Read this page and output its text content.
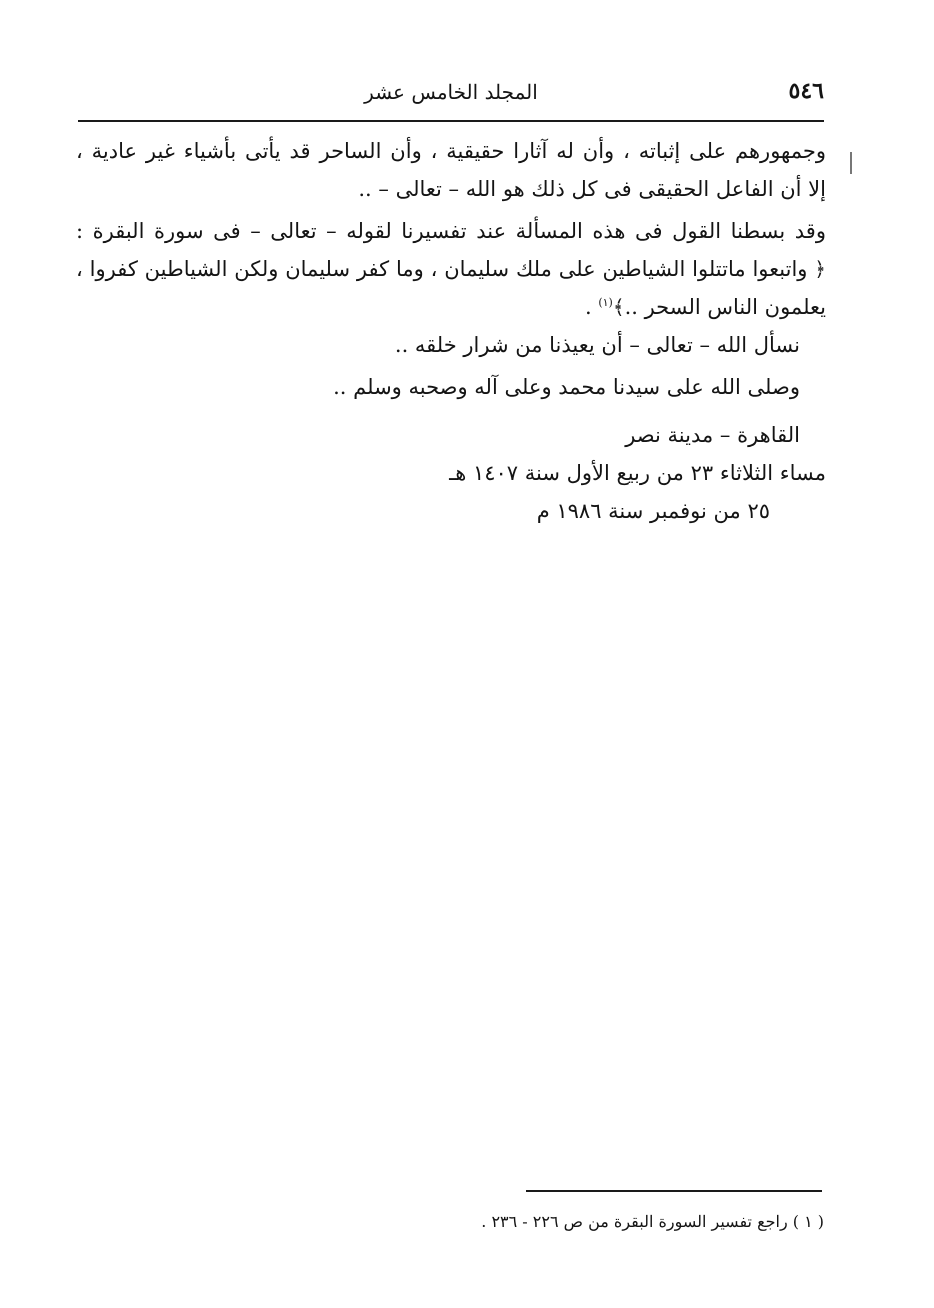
٥٤٦
المجلد الخامس عشر
وجمهورهم على إثباته ، وأن له آثارا حقيقية ، وأن الساحر قد يأتى بأشياء غير عادية ،
إلا أن الفاعل الحقيقى فى كل ذلك هو الله – تعالى – ..
وقد بسطنا القول فى هذه المسألة عند تفسيرنا لقوله – تعالى – فى سورة البقرة :
﴿ واتبعوا ماتتلوا الشياطين على ملك سليمان ، وما كفر سليمان ولكن الشياطين كفروا ،
يعلمون الناس السحر ..﴾$^{(١)}$ .
نسأل الله – تعالى – أن يعيذنا من شرار خلقه ..
وصلى الله على سيدنا محمد وعلى آله وصحبه وسلم ..
القاهرة – مدينة نصر
مساء الثلاثاء ٢٣ من ربيع الأول سنة ١٤٠٧ هـ
٢٥ من نوفمبر سنة ١٩٨٦ م
( ١ ) راجع تفسير السورة البقرة من ص ٢٢٦ - ٢٣٦ .
